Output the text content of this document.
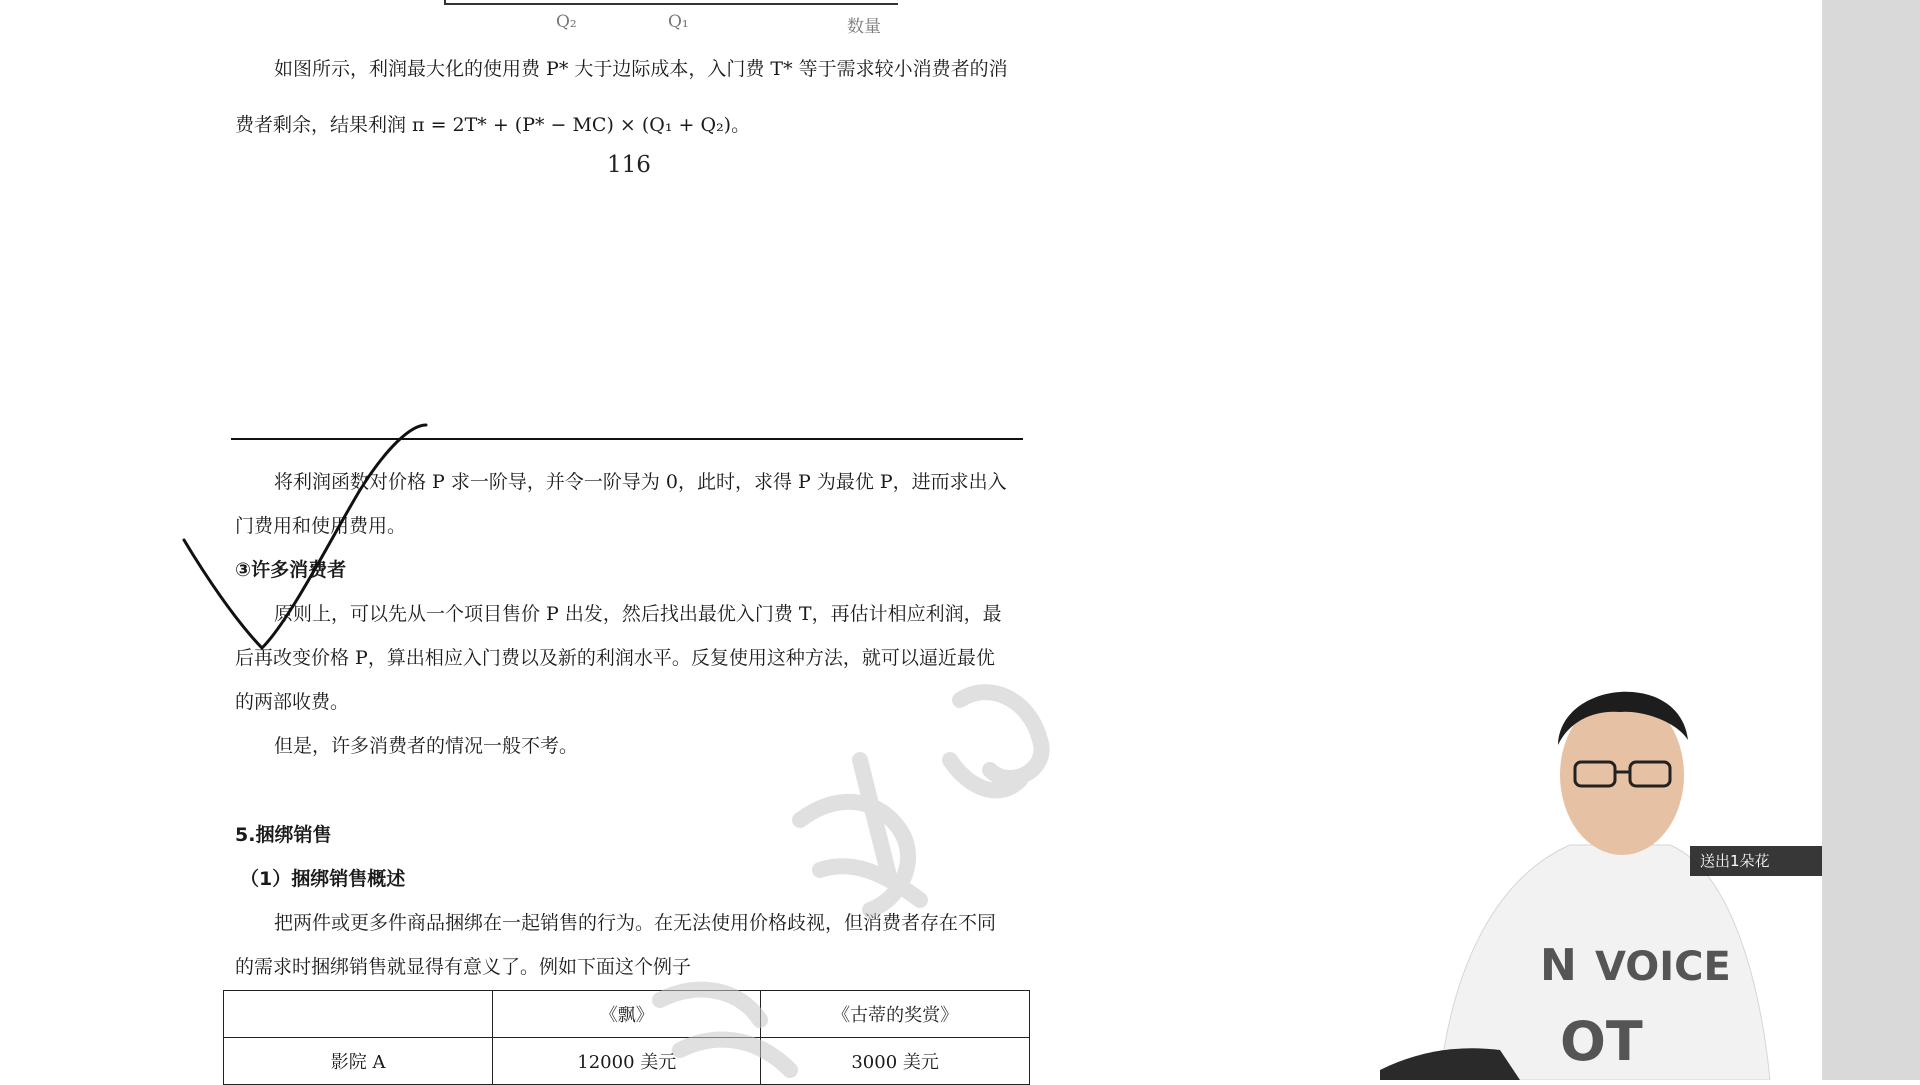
Q₂	Q₁	数量
如图所示，利润最大化的使用费 P* 大于边际成本，入门费 T* 等于需求较小消费者的消
费者剩余，结果利润 π = 2T* + (P* − MC) × (Q₁ + Q₂)。
116
将利润函数对价格 P 求一阶导，并令一阶导为 0，此时，求得 P 为最优 P，进而求出入
门费用和使用费用。
③许多消费者
原则上，可以先从一个项目售价 P 出发，然后找出最优入门费 T，再估计相应利润，最
后再改变价格 P，算出相应入门费以及新的利润水平。反复使用这种方法，就可以逼近最优
的两部收费。
但是，许多消费者的情况一般不考。
5.捆绑销售
（1）捆绑销售概述
把两件或更多件商品捆绑在一起销售的行为。在无法使用价格歧视，但消费者存在不同
的需求时捆绑销售就显得有意义了。例如下面这个例子
	《飘》	《古蒂的奖赏》
影院 A	12000 美元	3000 美元
N VOICE
OT
送出1朵花
